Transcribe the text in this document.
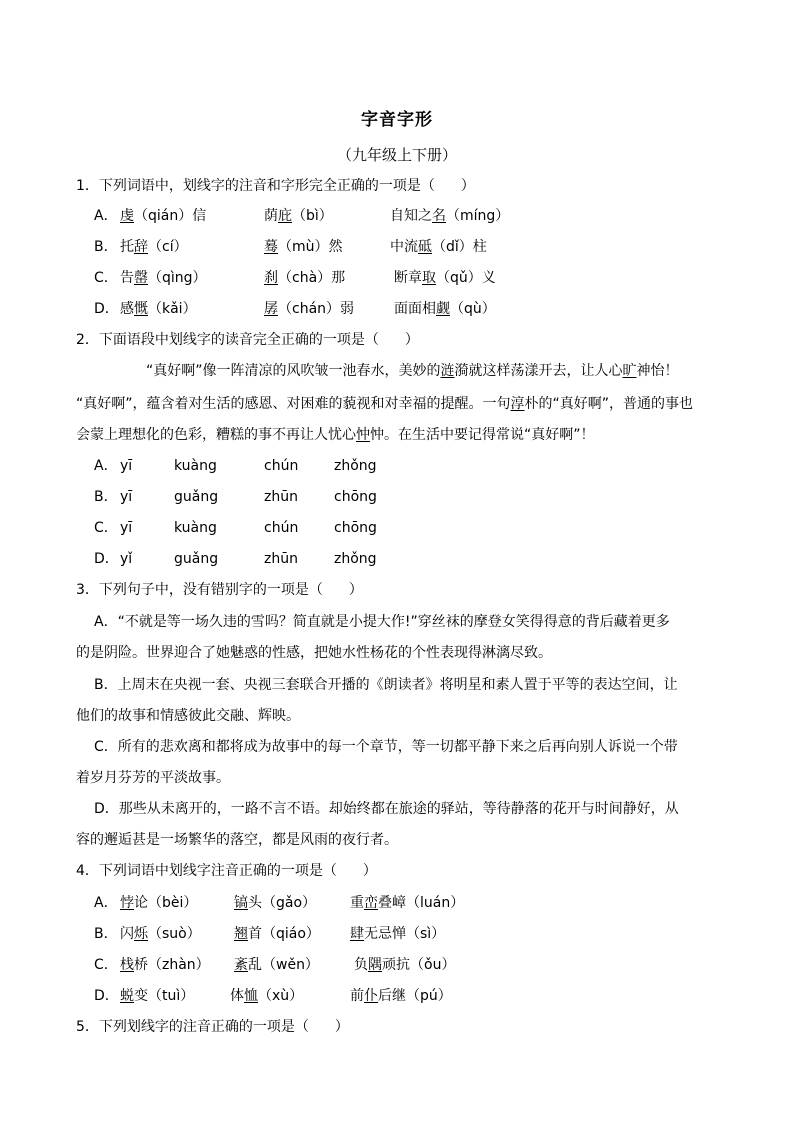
字音字形
（九年级上下册）
1．下列词语中，划线字的注音和字形完全正确的一项是（ ）
A． 虔（qián）信	荫庇（bì）	自知之名（míng）
B． 托辞（cí）	蓦（mù）然	中流砥（dǐ）柱
C． 告罄（qìng）	刹（chà）那	断章取（qǔ）义
D． 感慨（kǎi）	孱（chán）弱	面面相觑（qù）
2．下面语段中划线字的读音完全正确的一项是（ ）
“真好啊”像一阵清凉的风吹皱一池春水，美妙的涟漪就这样荡漾开去，让人心旷神怡！
“真好啊”，蕴含着对生活的感恩、对困难的藐视和对幸福的提醒。一句淳朴的“真好啊”，普通的事也
会蒙上理想化的色彩，糟糕的事不再让人忧心忡忡。在生活中要记得常说“真好啊”！
A． yī	kuàng	chún	zhǒng
B． yī	guǎng	zhūn	chōng
C． yī	kuàng	chún	chōng
D． yǐ	guǎng	zhūn	zhǒng
3．下列句子中，没有错别字的一项是（ ）
A．“不就是等一场久违的雪吗？简直就是小提大作!”穿丝袜的摩登女笑得得意的背后藏着更多
的是阴险。世界迎合了她魅惑的性感，把她水性杨花的个性表现得淋漓尽致。
B．上周末在央视一套、央视三套联合开播的《朗读者》将明星和素人置于平等的表达空间，让
他们的故事和情感彼此交融、辉映。
C．所有的悲欢离和都将成为故事中的每一个章节，等一切都平静下来之后再向别人诉说一个带
着岁月芬芳的平淡故事。
D．那些从未离开的，一路不言不语。却始终都在旅途的驿站，等待静落的花开与时间静好，从
容的邂逅甚是一场繁华的落空，都是风雨的夜行者。
4．下列词语中划线字注音正确的一项是（ ）
A． 悖论（bèi）	镐头（gǎo） 重峦叠嶂（luán）
B． 闪烁（suò） 翘首（qiáo） 肆无忌惮（sì）
C． 栈桥（zhàn） 紊乱（wěn）	负隅顽抗（ǒu）
D． 蜕变（tuì）	体恤（xù）	前仆后继（pú）
5．下列划线字的注音正确的一项是（ ）
